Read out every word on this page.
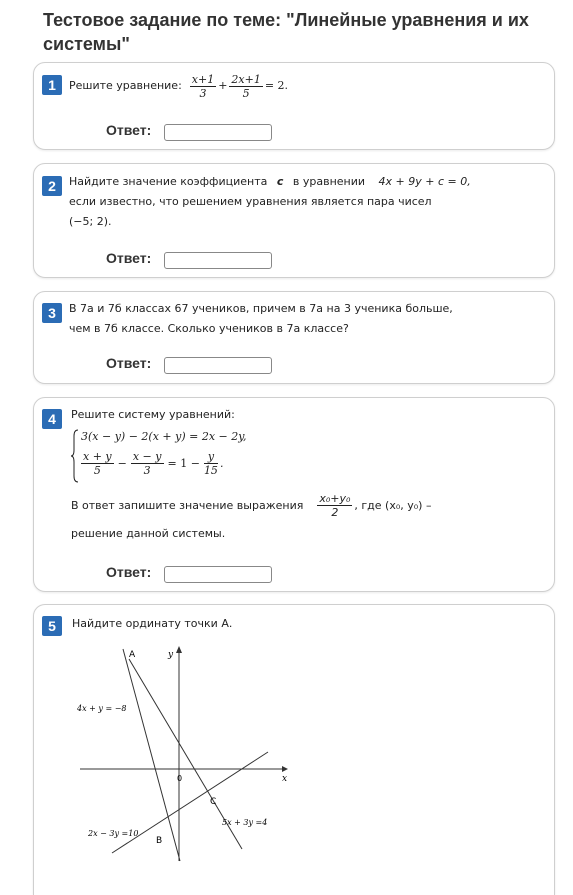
Тестовое задание по теме: "Линейные уравнения и их системы"
1	Решите уравнение: $\frac{x+1}{3} + \frac{2x+1}{5} = 2$.
Ответ:
2	Найдите значение коэффициента c в уравнении 4x + 9y + c = 0,
если известно, что решением уравнения является пара чисел
(−5; 2).
Ответ:
3	В 7а и 7б классах 67 учеников, причем в 7а на 3 ученика больше,
чем в 7б классе. Сколько учеников в 7а классе?
Ответ:
4	Решите систему уравнений:
3(x − y) − 2(x + y) = 2x − 2y,
$\frac{x + y}{5} - \frac{x - y}{3} = 1 - \frac{y}{15}$ .
В ответ запишите значение выражения $\frac{\text{x₀+y₀}}{2}$ , где (x₀, y₀) –
решение данной системы.
Ответ:
5	Найдите ординату точки А.
x
y
0
A
B
C
4x + y = −8
5x + 3y =4
2x − 3y =10
